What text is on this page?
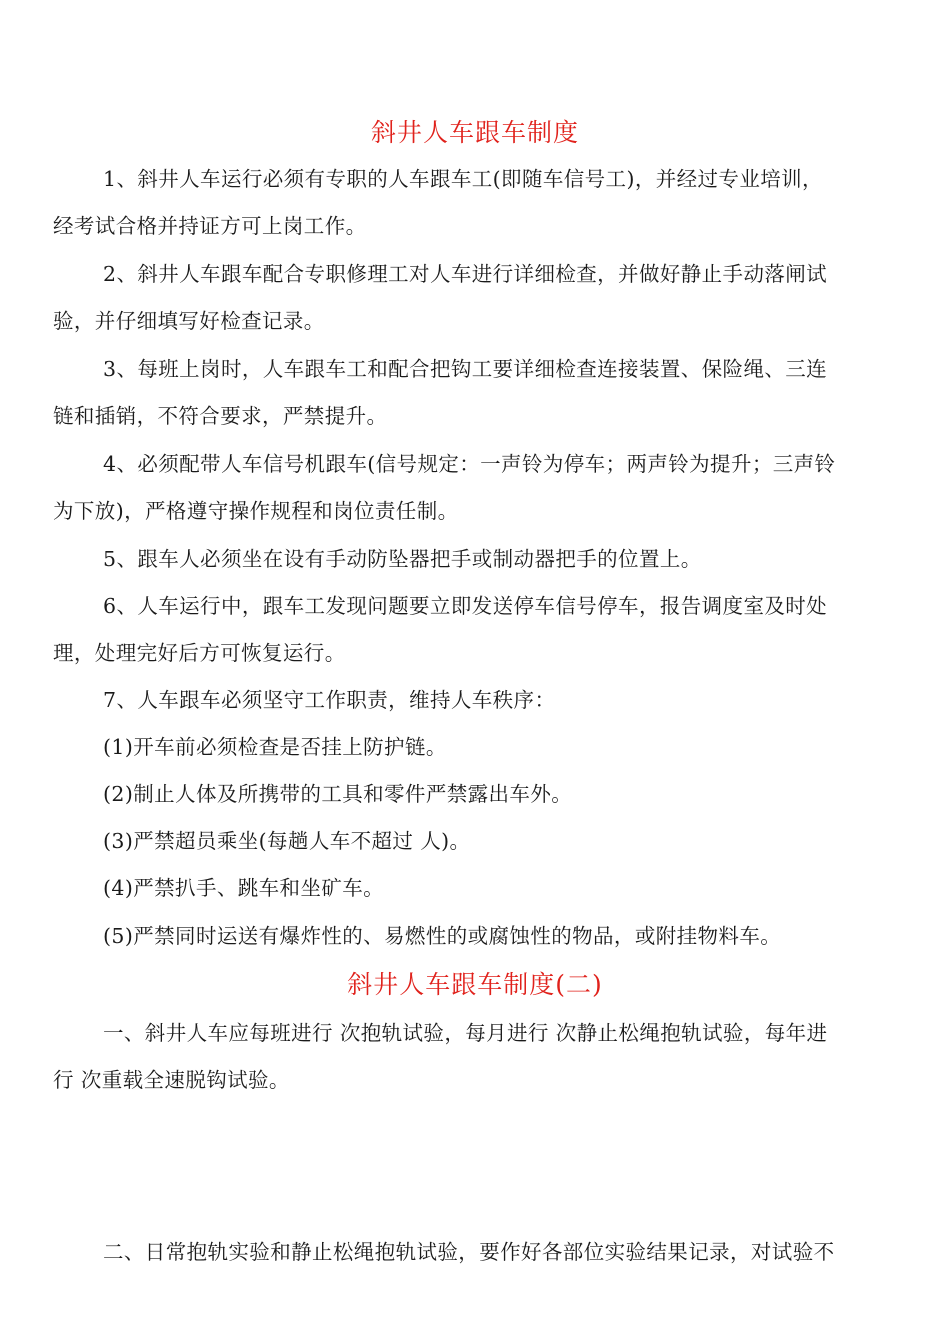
斜井人车跟车制度
1、斜井人车运行必须有专职的人车跟车工(即随车信号工)，并经过专业培训，
经考试合格并持证方可上岗工作。
2、斜井人车跟车配合专职修理工对人车进行详细检查，并做好静止手动落闸试
验，并仔细填写好检查记录。
3、每班上岗时，人车跟车工和配合把钩工要详细检查连接装置、保险绳、三连
链和插销，不符合要求，严禁提升。
4、必须配带人车信号机跟车(信号规定：一声铃为停车；两声铃为提升；三声铃
为下放)，严格遵守操作规程和岗位责任制。
5、跟车人必须坐在设有手动防坠器把手或制动器把手的位置上。
6、人车运行中，跟车工发现问题要立即发送停车信号停车，报告调度室及时处
理，处理完好后方可恢复运行。
7、人车跟车必须坚守工作职责，维持人车秩序：
(1)开车前必须检查是否挂上防护链。
(2)制止人体及所携带的工具和零件严禁露出车外。
(3)严禁超员乘坐(每趟人车不超过 人)。
(4)严禁扒手、跳车和坐矿车。
(5)严禁同时运送有爆炸性的、易燃性的或腐蚀性的物品，或附挂物料车。
斜井人车跟车制度(二)
一、斜井人车应每班进行 次抱轨试验，每月进行 次静止松绳抱轨试验，每年进
行 次重载全速脱钩试验。
二、日常抱轨实验和静止松绳抱轨试验，要作好各部位实验结果记录，对试验不
